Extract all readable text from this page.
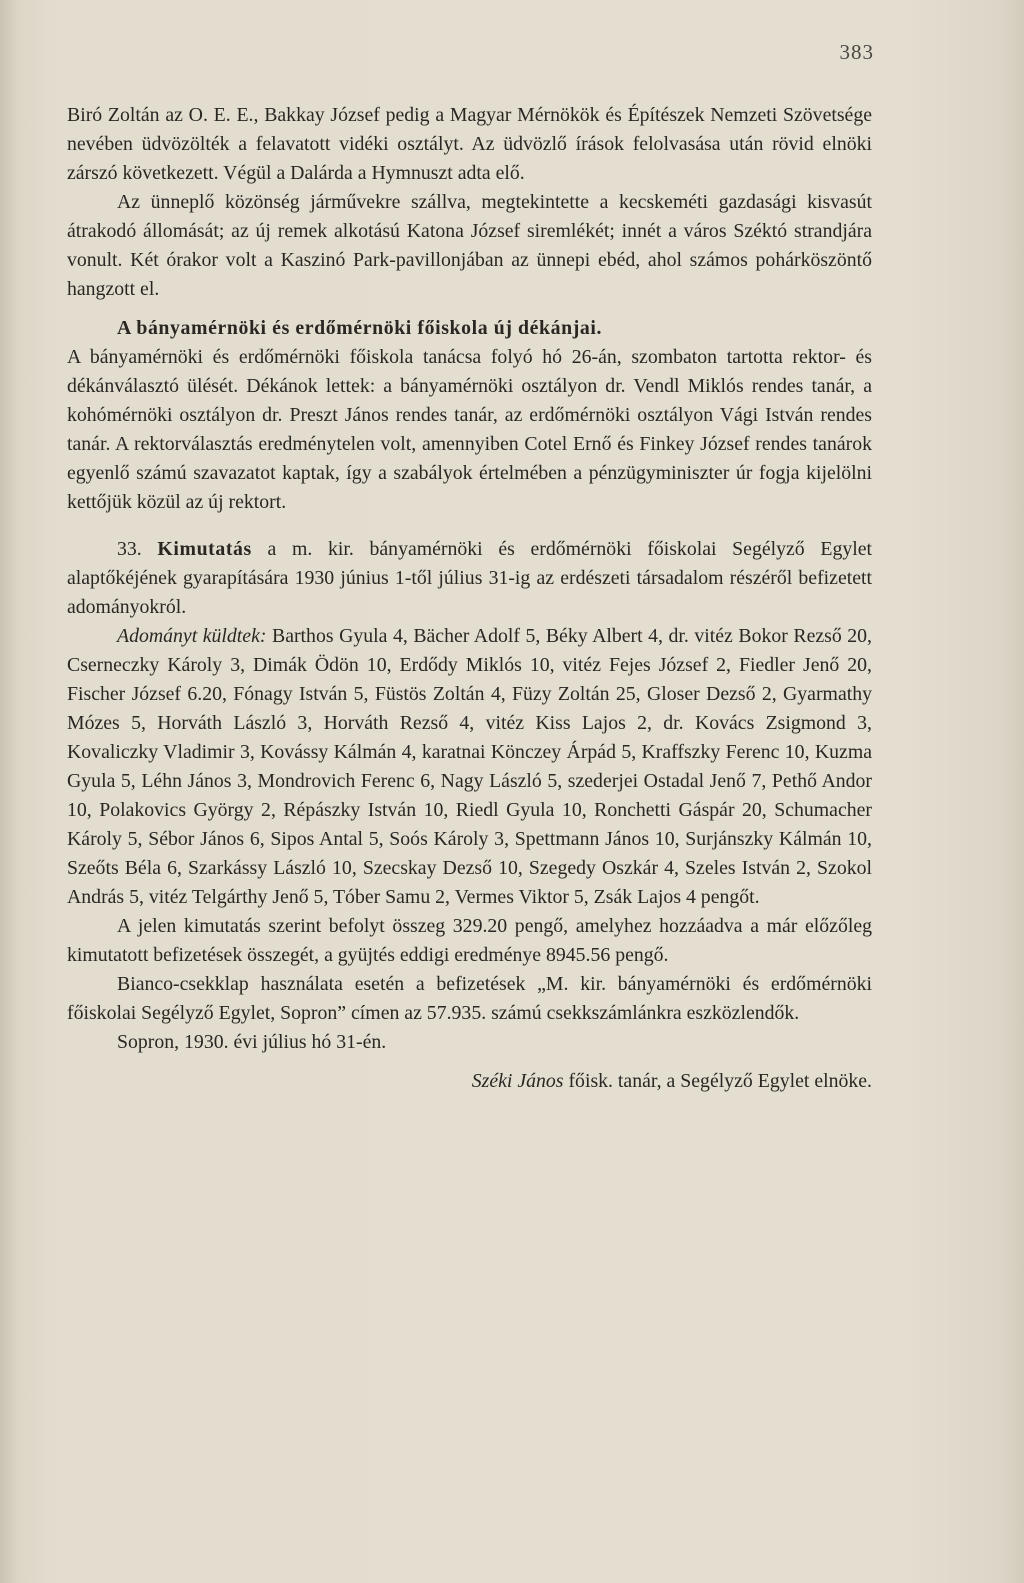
383

Biró Zoltán az O. E. E., Bakkay József pedig a Magyar Mérnökök és Építészek Nemzeti Szövetsége nevében üdvözölték a felavatott vidéki osztályt. Az üdvözlő írások felolvasása után rövid elnöki zárszó következett. Végül a Dalárda a Hymnuszt adta elő.

Az ünneplő közönség járművekre szállva, megtekintette a kecskeméti gazdasági kisvasút átrakodó állomását; az új remek alkotású Katona József siremlékét; innét a város Széktó strandjára vonult. Két órakor volt a Kaszinó Park-pavillonjában az ünnepi ebéd, ahol számos pohárköszöntő hangzott el.

A bányamérnöki és erdőmérnöki főiskola új dékánjai.

A bányamérnöki és erdőmérnöki főiskola tanácsa folyó hó 26-án, szombaton tartotta rektor- és dékánválasztó ülését. Dékánok lettek: a bányamérnöki osztályon dr. Vendl Miklós rendes tanár, a kohómérnöki osztályon dr. Preszt János rendes tanár, az erdőmérnöki osztályon Vági István rendes tanár. A rektorválasztás eredménytelen volt, amennyiben Cotel Ernő és Finkey József rendes tanárok egyenlő számú szavazatot kaptak, így a szabályok értelmében a pénzügyminiszter úr fogja kijelölni kettőjük közül az új rektort.

33. Kimutatás a m. kir. bányamérnöki és erdőmérnöki főiskolai Segélyző Egylet alaptőkéjének gyarapítására 1930 június 1-től július 31-ig az erdészeti társadalom részéről befizetett adományokról.

Adományt küldtek: Barthos Gyula 4, Bächer Adolf 5, Béky Albert 4, dr. vitéz Bokor Rezső 20, Cserneczky Károly 3, Dimák Ödön 10, Erdődy Miklós 10, vitéz Fejes József 2, Fiedler Jenő 20, Fischer József 6.20, Fónagy István 5, Füstös Zoltán 4, Füzy Zoltán 25, Gloser Dezső 2, Gyarmathy Mózes 5, Horváth László 3, Horváth Rezső 4, vitéz Kiss Lajos 2, dr. Kovács Zsigmond 3, Kovaliczky Vladimir 3, Kovássy Kálmán 4, karatnai Könczey Árpád 5, Kraffszky Ferenc 10, Kuzma Gyula 5, Léhn János 3, Mondrovich Ferenc 6, Nagy László 5, szederjei Ostadal Jenő 7, Pethő Andor 10, Polakovics György 2, Répászky István 10, Riedl Gyula 10, Ronchetti Gáspár 20, Schumacher Károly 5, Sébor János 6, Sipos Antal 5, Soós Károly 3, Spettmann János 10, Surjánszky Kálmán 10, Szeőts Béla 6, Szarkássy László 10, Szecskay Dezső 10, Szegedy Oszkár 4, Szeles István 2, Szokol András 5, vitéz Telgárthy Jenő 5, Tóber Samu 2, Vermes Viktor 5, Zsák Lajos 4 pengőt.

A jelen kimutatás szerint befolyt összeg 329.20 pengő, amelyhez hozzáadva a már előzőleg kimutatott befizetések összegét, a gyüjtés eddigi eredménye 8945.56 pengő.

Bianco-csekklap használata esetén a befizetések „M. kir. bányamérnöki és erdőmérnöki főiskolai Segélyző Egylet, Sopron” címen az 57.935. számú csekkszámlánkra eszközlendők.

Sopron, 1930. évi július hó 31-én.

Széki János főisk. tanár, a Segélyző Egylet elnöke.
